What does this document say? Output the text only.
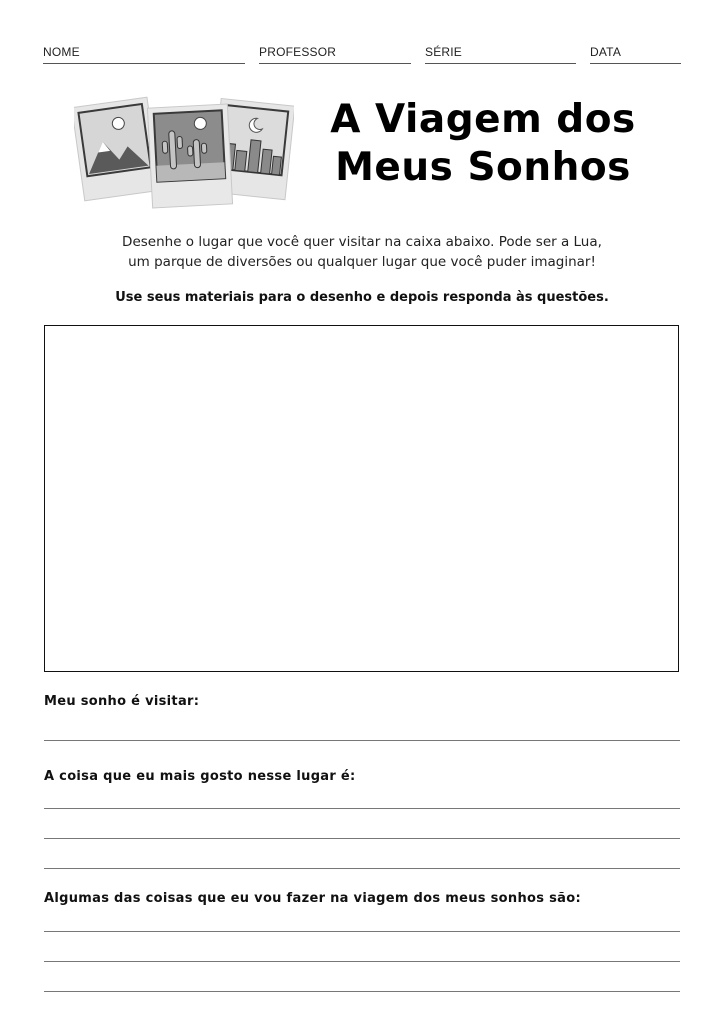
NOME	PROFESSOR	SÉRIE	DATA
A Viagem dos
Meus Sonhos
Desenhe o lugar que você quer visitar na caixa abaixo. Pode ser a Lua,
um parque de diversões ou qualquer lugar que você puder imaginar!
Use seus materiais para o desenho e depois responda às questões.
Meu sonho é visitar:
A coisa que eu mais gosto nesse lugar é:
Algumas das coisas que eu vou fazer na viagem dos meus sonhos são:
